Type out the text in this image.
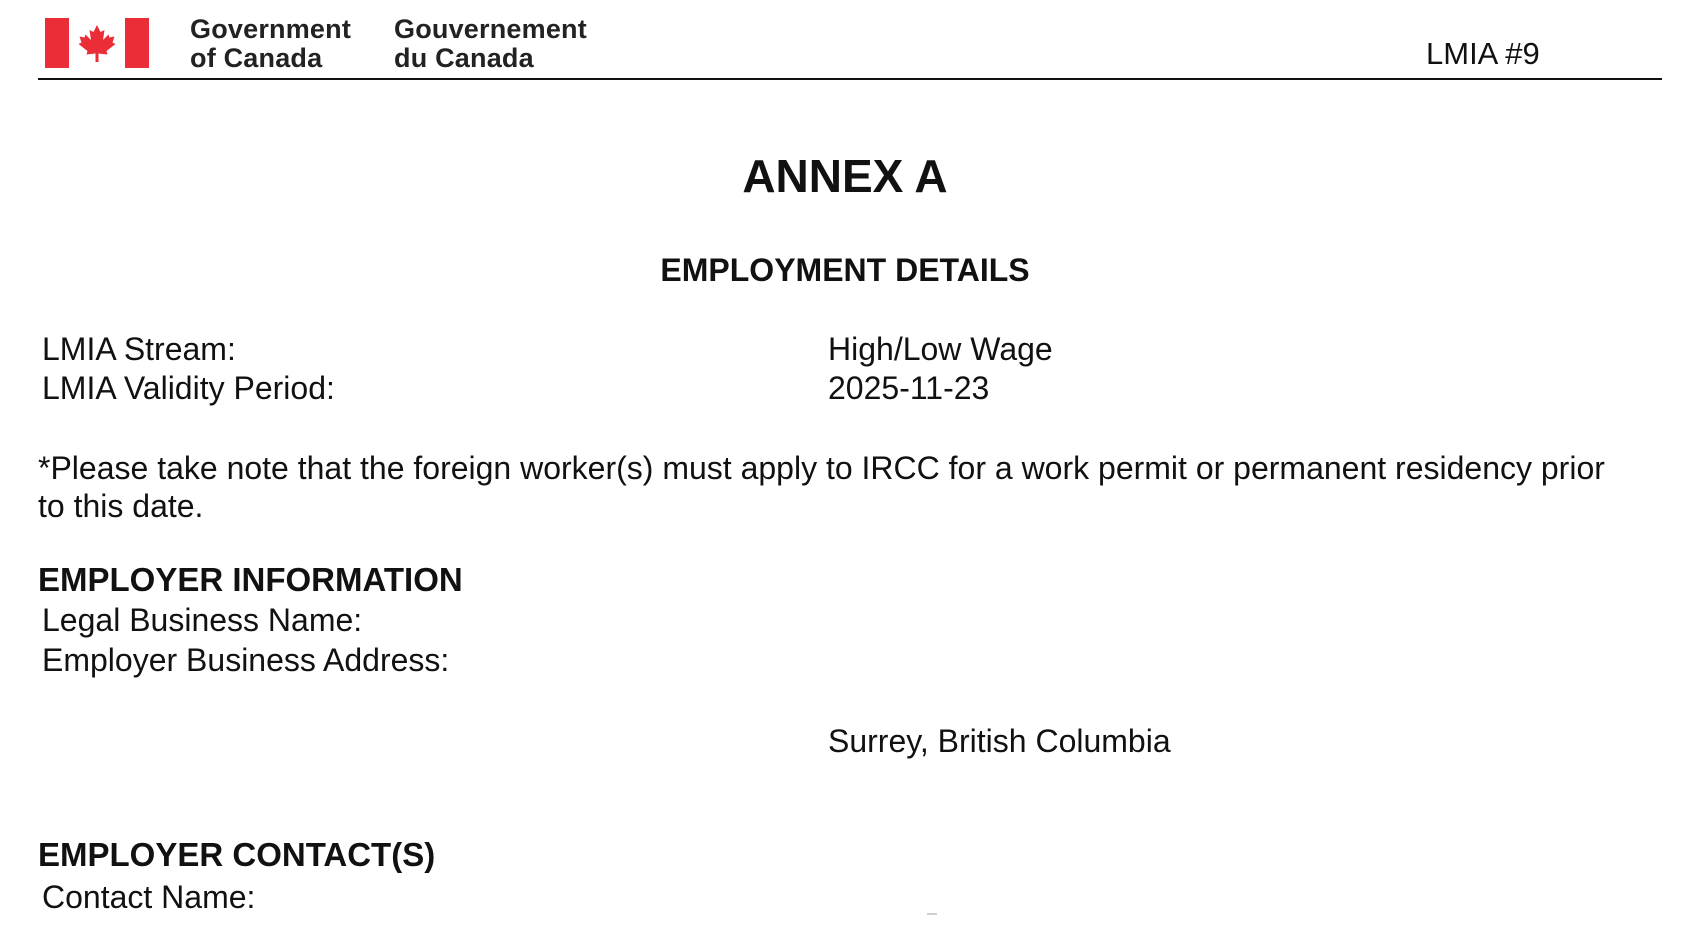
Government
of Canada
Gouvernement
du Canada	LMIA #9
ANNEX A
EMPLOYMENT DETAILS
LMIA Stream:	High/Low Wage
LMIA Validity Period:	2025-11-23
*Please take note that the foreign worker(s) must apply to IRCC for a work permit or permanent residency prior
to this date.
EMPLOYER INFORMATION
Legal Business Name:
Employer Business Address:
Surrey, British Columbia
EMPLOYER CONTACT(S)
Contact Name:
